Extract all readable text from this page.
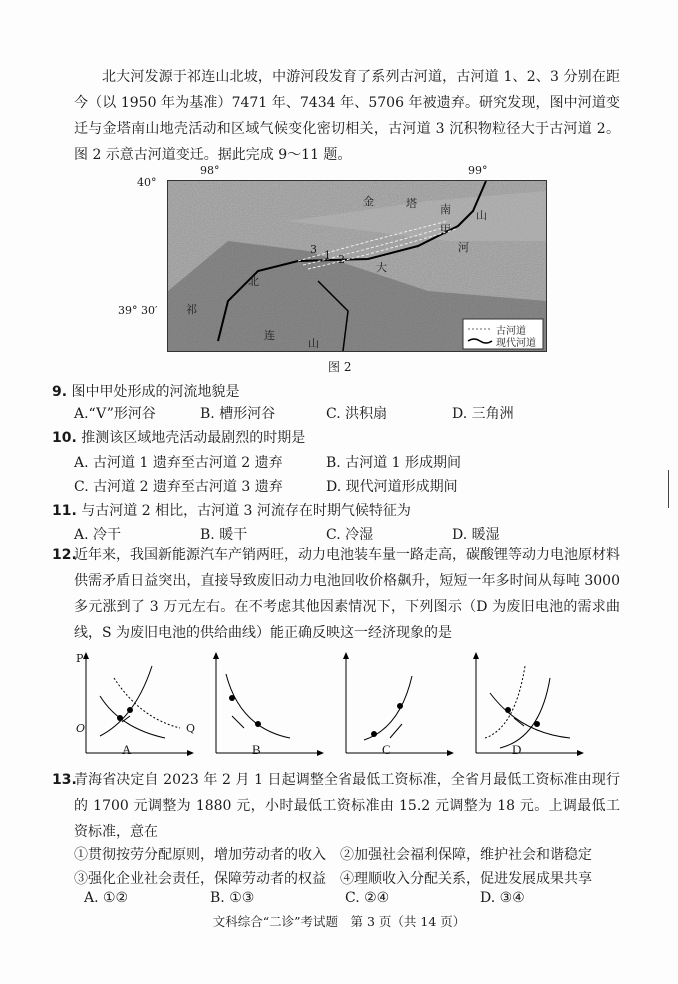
北大河发源于祁连山北坡，中游河段发育了系列古河道，古河道 1、2、3 分别在距今（以 1950 年为基准）7471 年、7434 年、5706 年被遗弃。研究发现，图中河道变迁与金塔南山地壳活动和区域气候变化密切相关，古河道 3 沉积物粒径大于古河道 2。图 2 示意古河道变迁。据此完成 9～11 题。
98°	99°
40°
39° 30′
金	塔 南 山
甲
河
大
北
祁
连
山
3 1 2
古河道
现代河道
图 2
9. 图中甲处形成的河流地貌是
A.“V”形河谷	B. 槽形河谷	C. 洪积扇	D. 三角洲
10. 推测该区域地壳活动最剧烈的时期是
A. 古河道 1 遗弃至古河道 2 遗弃	B. 古河道 1 形成期间
C. 古河道 2 遗弃至古河道 3 遗弃	D. 现代河道形成期间
11. 与古河道 2 相比，古河道 3 河流存在时期气候特征为
A. 冷干	B. 暖干	C. 冷湿	D. 暖湿
12.
近年来，我国新能源汽车产销两旺，动力电池装车量一路走高，碳酸锂等动力电池原材料供需矛盾日益突出，直接导致废旧动力电池回收价格飙升，短短一年多时间从每吨 3000 多元涨到了 3 万元左右。在不考虑其他因素情况下，下列图示（D 为废旧电池的需求曲线，S 为废旧电池的供给曲线）能正确反映这一经济现象的是
A	B	C	D
P
Q
O
13.
青海省决定自 2023 年 2 月 1 日起调整全省最低工资标准，全省月最低工资标准由现行的 1700 元调整为 1880 元，小时最低工资标准由 15.2 元调整为 18 元。上调最低工资标准，意在
①贯彻按劳分配原则，增加劳动者的收入 ②加强社会福利保障，维护社会和谐稳定
③强化企业社会责任，保障劳动者的权益 ④理顺收入分配关系，促进发展成果共享
A. ①②	B. ①③	C. ②④	D. ③④
文科综合“二诊”考试题　第 3 页（共 14 页）
